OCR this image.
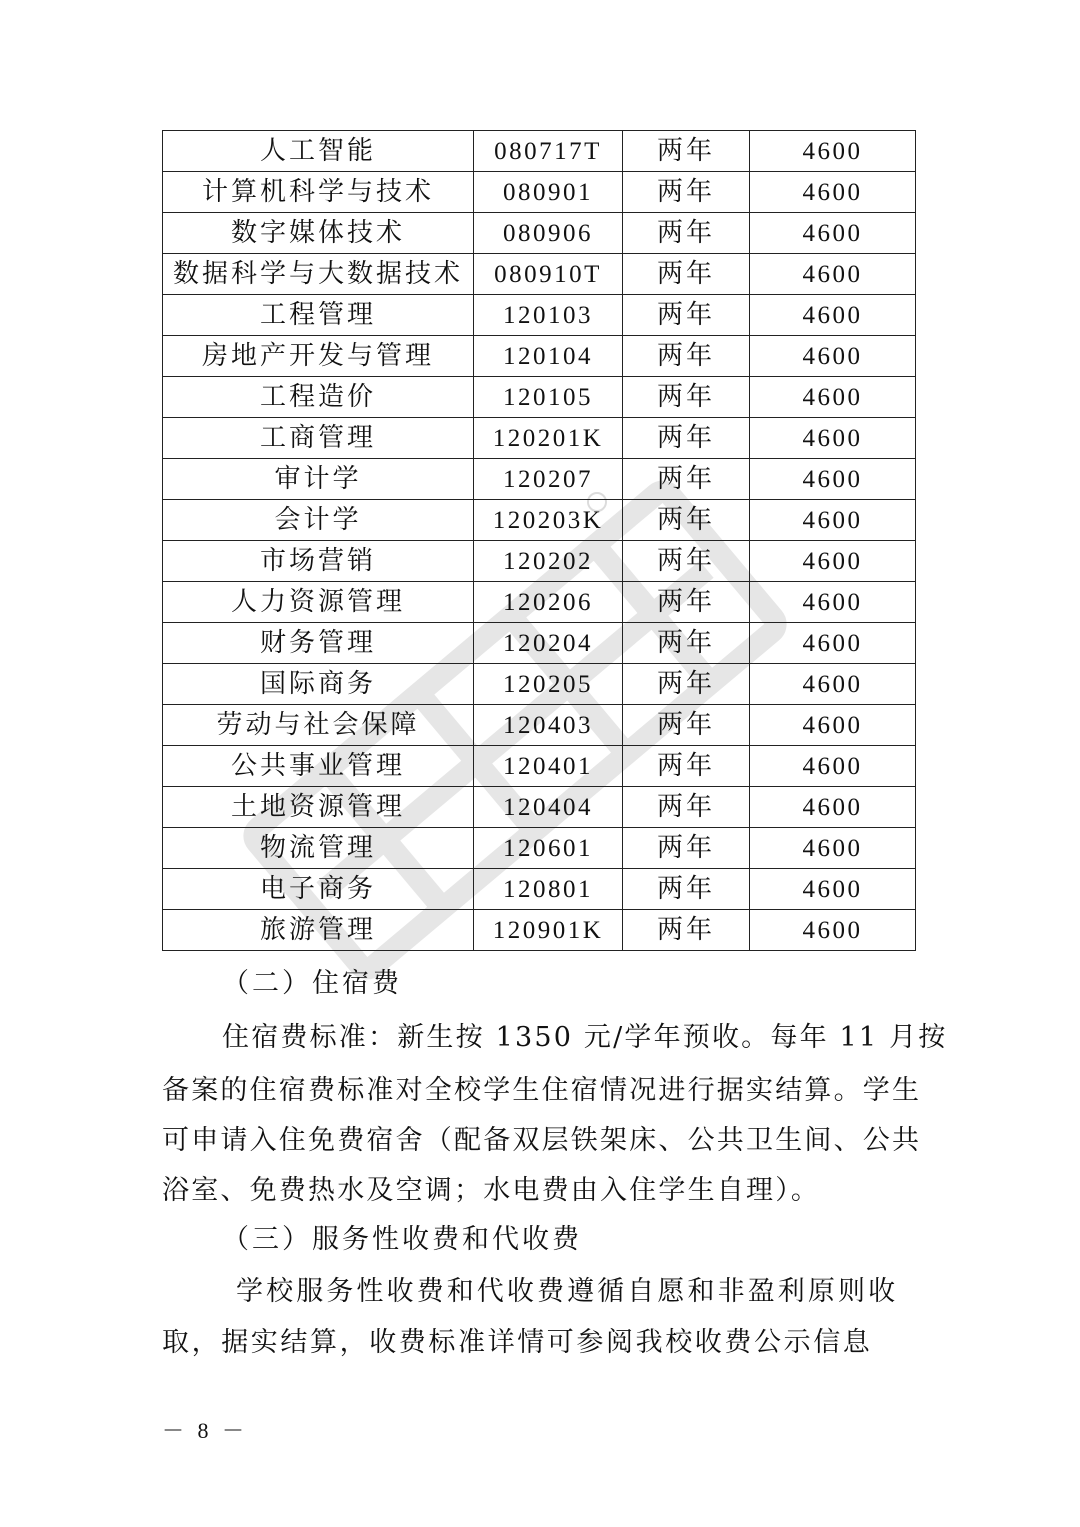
人工智能	080717T	两年	4600
计算机科学与技术	080901	两年	4600
数字媒体技术	080906	两年	4600
数据科学与大数据技术	080910T	两年	4600
工程管理	120103	两年	4600
房地产开发与管理	120104	两年	4600
工程造价	120105	两年	4600
工商管理	120201K	两年	4600
审计学	120207	两年	4600
会计学	120203K	两年	4600
市场营销	120202	两年	4600
人力资源管理	120206	两年	4600
财务管理	120204	两年	4600
国际商务	120205	两年	4600
劳动与社会保障	120403	两年	4600
公共事业管理	120401	两年	4600
土地资源管理	120404	两年	4600
物流管理	120601	两年	4600
电子商务	120801	两年	4600
旅游管理	120901K	两年	4600
（二）住宿费
住宿费标准：新生按 1350 元/学年预收。每年 11 月按
备案的住宿费标准对全校学生住宿情况进行据实结算。学生
可申请入住免费宿舍（配备双层铁架床、公共卫生间、公共
浴室、免费热水及空调；水电费由入住学生自理）。
（三）服务性收费和代收费
学校服务性收费和代收费遵循自愿和非盈利原则收
取，据实结算，收费标准详情可参阅我校收费公示信息
－ 8 －
